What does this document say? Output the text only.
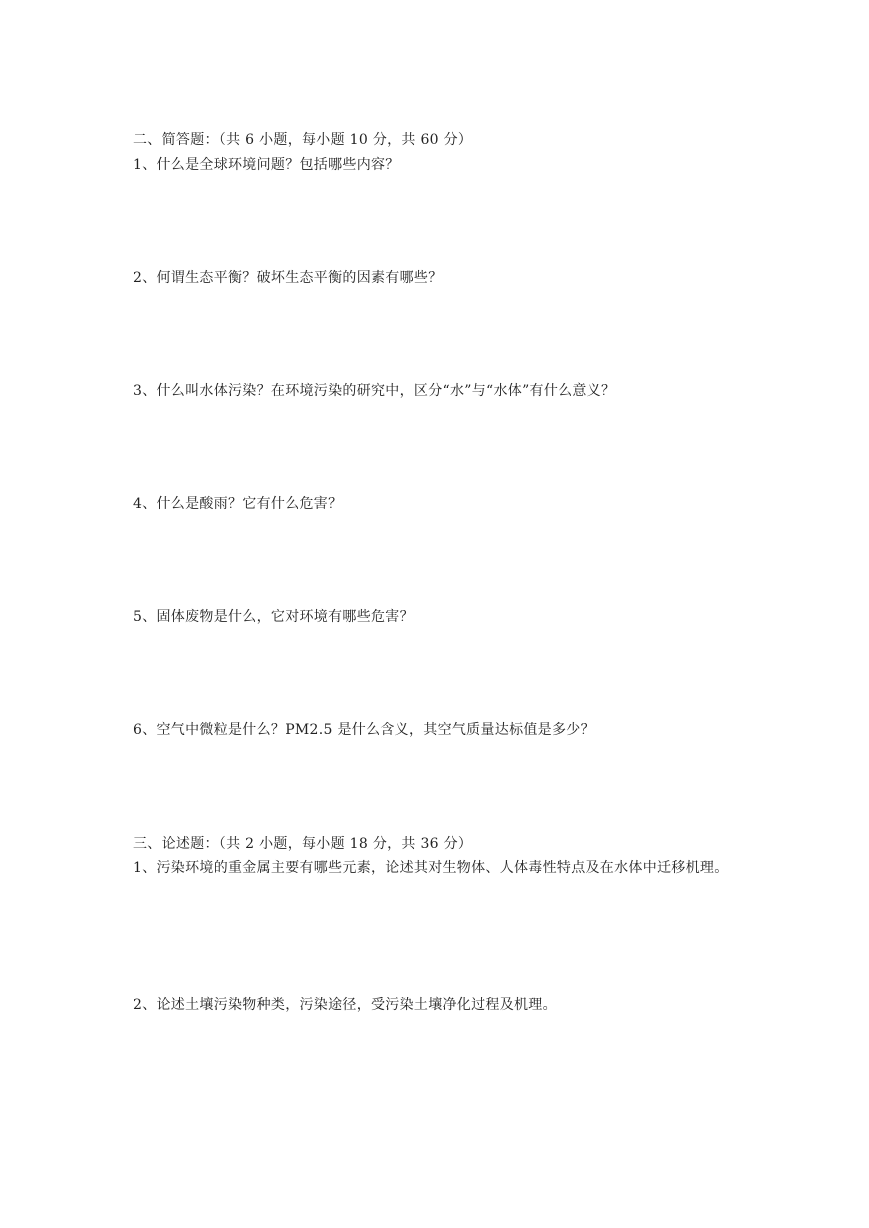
二、简答题：（共 6 小题，每小题 10 分，共 60 分）
1、什么是全球环境问题？包括哪些内容？
2、何谓生态平衡？破坏生态平衡的因素有哪些？
3、什么叫水体污染？在环境污染的研究中，区分“水”与“水体”有什么意义？
4、什么是酸雨？它有什么危害？
5、固体废物是什么，它对环境有哪些危害？
6、空气中微粒是什么？PM2.5 是什么含义，其空气质量达标值是多少？
三、论述题：（共 2 小题，每小题 18 分，共 36 分）
1、污染环境的重金属主要有哪些元素，论述其对生物体、人体毒性特点及在水体中迁移机理。
2、论述土壤污染物种类，污染途径，受污染土壤净化过程及机理。
